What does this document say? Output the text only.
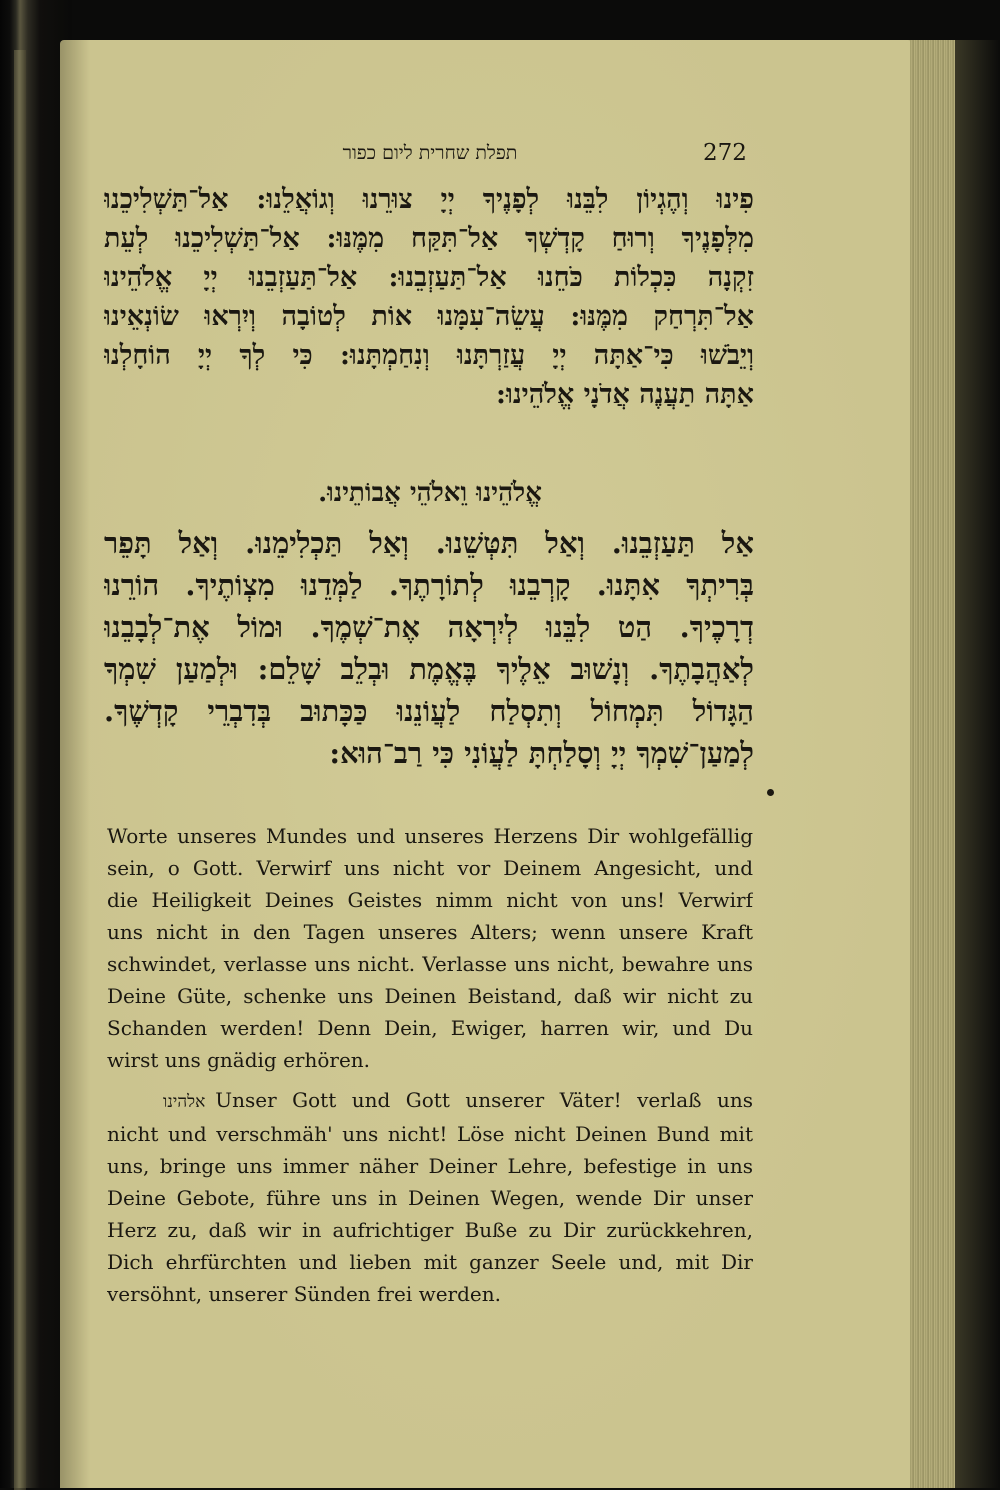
תפלת שחרית ליום כפור	272
פִינוּ וְהֶגְיוֹן לִבֵּנוּ לְפָנֶיךָ יְיָ צוּרֵנוּ וְגוֹאֲלֵנוּ: אַל־תַּשְׁלִיכֵנוּ
מִלְּפָנֶיךָ וְרוּחַ קָדְשְׁךָ אַל־תִּקַּח מִמֶּנּוּ: אַל־תַּשְׁלִיכֵנוּ לְעֵת
זִקְנָה כִּכְלוֹת כֹּחֵנוּ אַל־תַּעַזְבֵנוּ: אַל־תַּעַזְבֵנוּ יְיָ אֱלֹהֵינוּ
אַל־תִּרְחַק מִמֶּנּוּ: עֲשֵׂה־עִמָּנוּ אוֹת לְטוֹבָה וְיִרְאוּ שׂוֹנְאֵינוּ
וְיֵבֹשׁוּ כִּי־אַתָּה יְיָ עֲזַרְתָּנוּ וְנִחַמְתָּנוּ: כִּי לְךָ יְיָ הוֹחָלְנוּ
אַתָּה תַעֲנֶה אֲדֹנָי אֱלֹהֵינוּ:
אֱלֹהֵינוּ וֵאלֹהֵי אֲבוֹתֵינוּ.
אַל תַּעַזְבֵנוּ. וְאַל תִּטְּשֵׁנוּ. וְאַל תַּכְלִימֵנוּ. וְאַל תָּפֵר
בְּרִיתְךָ אִתָּנוּ. קָרְבֵנוּ לְתוֹרָתֶךָ. לַמְּדֵנוּ מִצְוֹתֶיךָ. הוֹרֵנוּ
דְרָכֶיךָ. הַט לִבֵּנוּ לְיִרְאָה אֶת־שְׁמֶךָ. וּמוֹל אֶת־לְבָבֵנוּ
לְאַהֲבָתֶךָ. וְנָשׁוּב אֵלֶיךָ בֶּאֱמֶת וּבְלֵב שָׁלֵם: וּלְמַעַן שִׁמְךָ
הַגָּדוֹל תִּמְחוֹל וְתִסְלַח לַעֲוֹנֵנוּ כַּכָּתוּב בְּדִבְרֵי קָדְשֶׁךָ.
לְמַעַן־שִׁמְךָ יְיָ וְסָלַחְתָּ לַעֲוֹנִי כִּי רַב־הוּא:
Worte unseres Mundes und unseres Herzens Dir wohlgefällig
sein, o Gott. Verwirf uns nicht vor Deinem Angesicht, und
die Heiligkeit Deines Geistes nimm nicht von uns! Verwirf
uns nicht in den Tagen unseres Alters; wenn unsere Kraft
schwindet, verlasse uns nicht. Verlasse uns nicht, bewahre uns
Deine Güte, schenke uns Deinen Beistand, daß wir nicht zu
Schanden werden! Denn Dein, Ewiger, harren wir, und Du
wirst uns gnädig erhören.
אלהינו Unser Gott und Gott unserer Väter! verlaß uns
nicht und verschmäh' uns nicht! Löse nicht Deinen Bund mit
uns, bringe uns immer näher Deiner Lehre, befestige in uns
Deine Gebote, führe uns in Deinen Wegen, wende Dir unser
Herz zu, daß wir in aufrichtiger Buße zu Dir zurückkehren,
Dich ehrfürchten und lieben mit ganzer Seele und, mit Dir
versöhnt, unserer Sünden frei werden.
